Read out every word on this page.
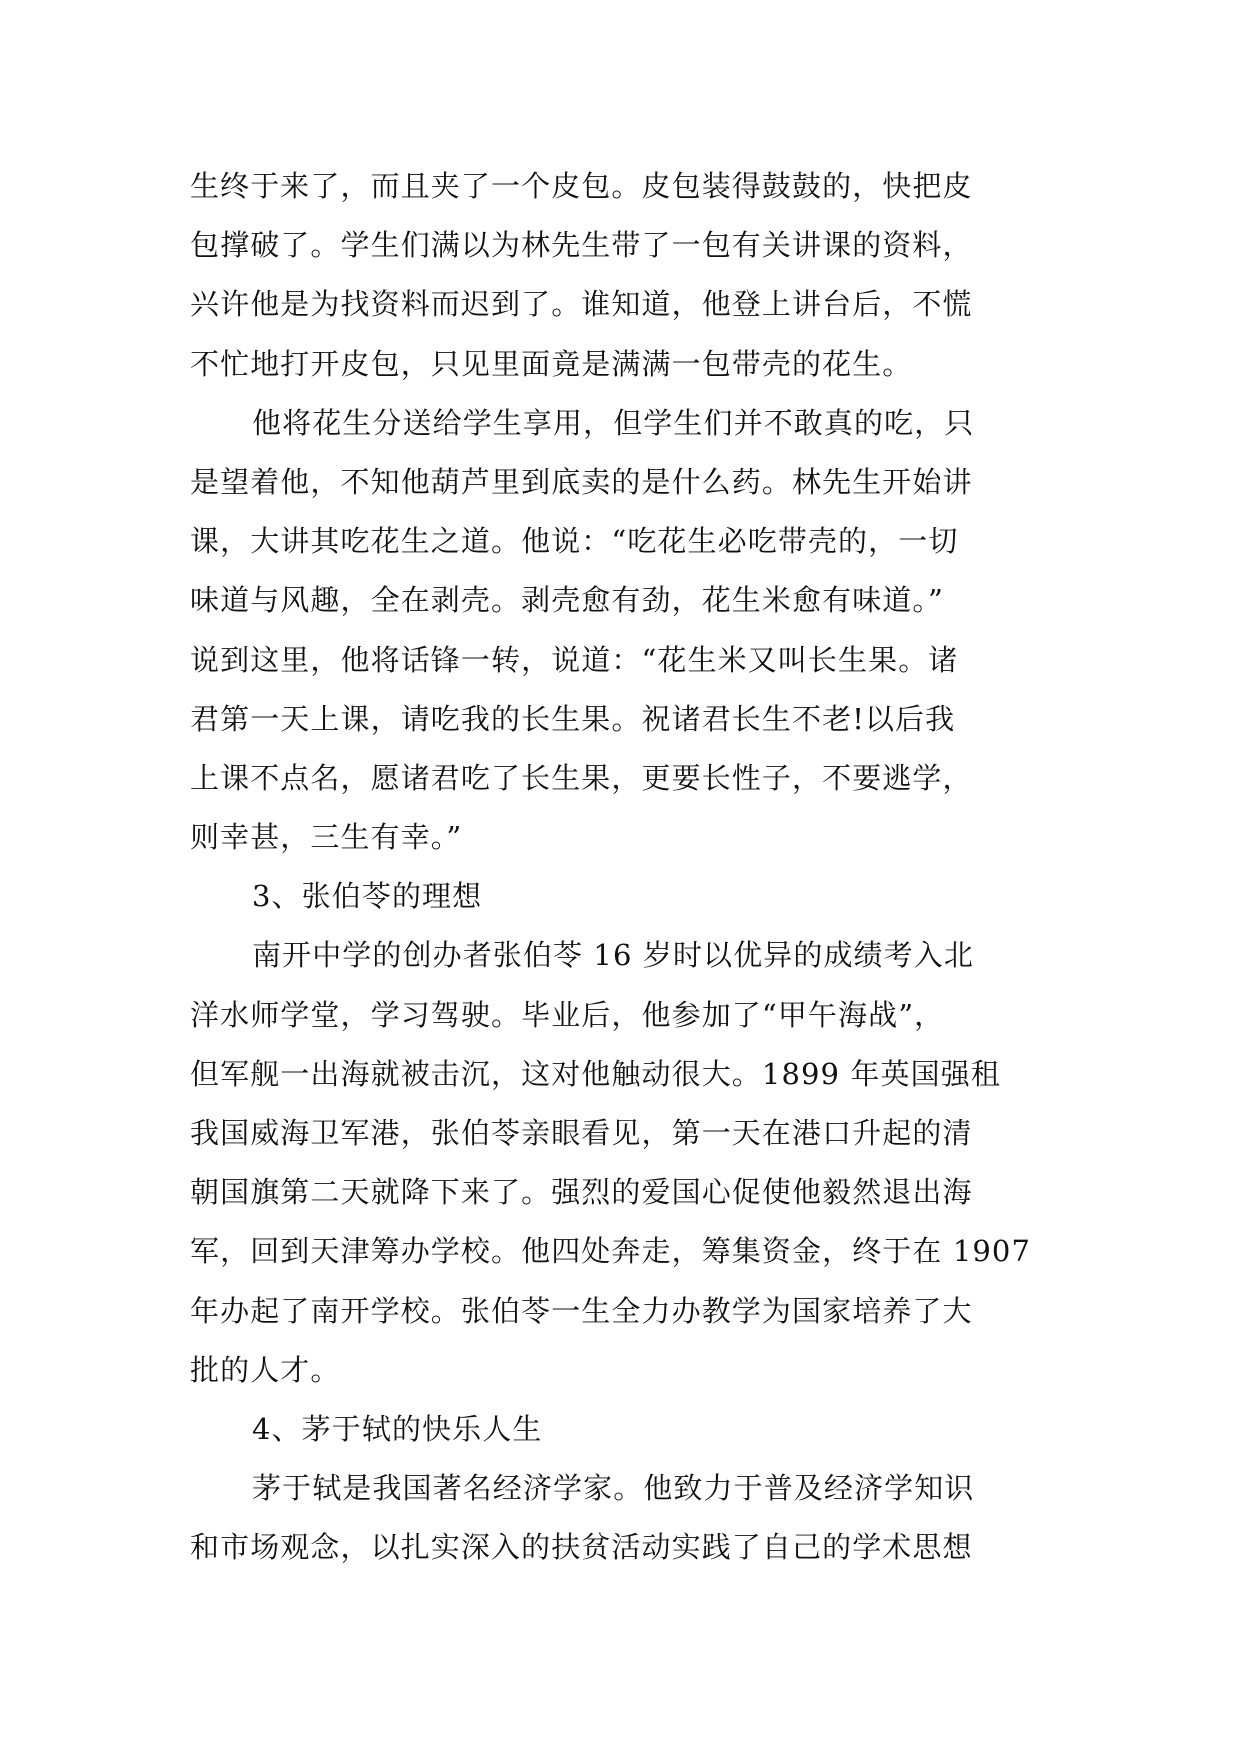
生终于来了，而且夹了一个皮包。皮包装得鼓鼓的，快把皮
包撑破了。学生们满以为林先生带了一包有关讲课的资料，
兴许他是为找资料而迟到了。谁知道，他登上讲台后，不慌
不忙地打开皮包，只见里面竟是满满一包带壳的花生。
他将花生分送给学生享用，但学生们并不敢真的吃，只
是望着他，不知他葫芦里到底卖的是什么药。林先生开始讲
课，大讲其吃花生之道。他说：“吃花生必吃带壳的，一切
味道与风趣，全在剥壳。剥壳愈有劲，花生米愈有味道。”
说到这里，他将话锋一转，说道：“花生米又叫长生果。诸
君第一天上课，请吃我的长生果。祝诸君长生不老!以后我
上课不点名，愿诸君吃了长生果，更要长性子，不要逃学，
则幸甚，三生有幸。”
3、张伯苓的理想
南开中学的创办者张伯苓 16 岁时以优异的成绩考入北
洋水师学堂，学习驾驶。毕业后，他参加了“甲午海战”，
但军舰一出海就被击沉，这对他触动很大。1899 年英国强租
我国威海卫军港，张伯苓亲眼看见，第一天在港口升起的清
朝国旗第二天就降下来了。强烈的爱国心促使他毅然退出海
军，回到天津筹办学校。他四处奔走，筹集资金，终于在 1907
年办起了南开学校。张伯苓一生全力办教学为国家培养了大
批的人才。
4、茅于轼的快乐人生
茅于轼是我国著名经济学家。他致力于普及经济学知识
和市场观念，以扎实深入的扶贫活动实践了自己的学术思想
